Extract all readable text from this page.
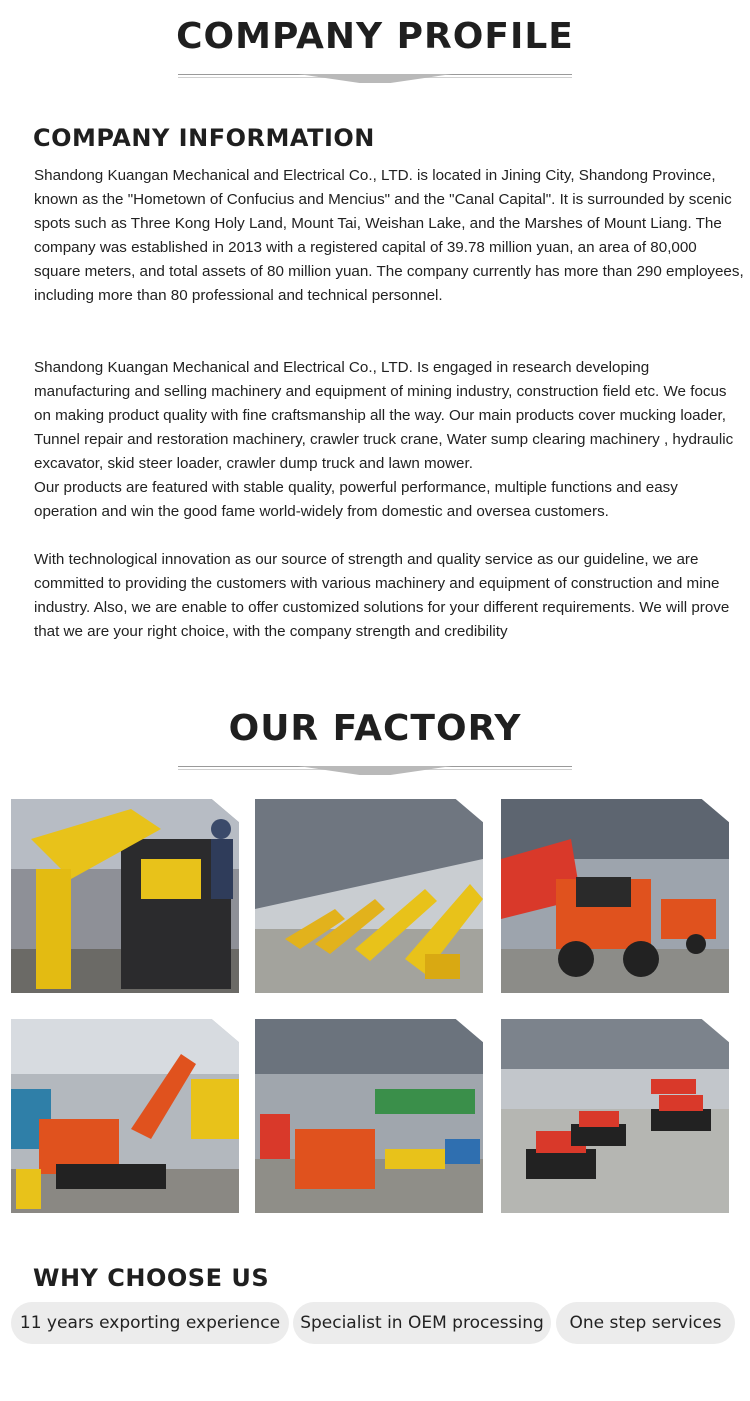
COMPANY PROFILE
COMPANY INFORMATION

Shandong Kuangan Mechanical and Electrical Co., LTD. is located in Jining City, Shandong Province, known as the "Hometown of Confucius and Mencius" and the "Canal Capital". It is surrounded by scenic spots such as Three Kong Holy Land, Mount Tai, Weishan Lake, and the Marshes of Mount Liang. The company was established in 2013 with a registered capital of 39.78 million yuan, an area of 80,000 square meters, and total assets of 80 million yuan. The company currently has more than 290 employees, including more than 80 professional and technical personnel.

Shandong Kuangan Mechanical and Electrical Co., LTD. Is engaged in research developing manufacturing and selling machinery and equipment of mining industry, construction field etc. We focus on making product quality with fine craftsmanship all the way. Our main products cover mucking loader, Tunnel repair and restoration machinery, crawler truck crane, Water sump clearing machinery , hydraulic excavator, skid steer loader, crawler dump truck and lawn mower.

Our products are featured with stable quality, powerful performance, multiple functions and easy operation and win the good fame world-widely from domestic and oversea customers.

With technological innovation as our source of strength and quality service as our guideline, we are committed to providing the customers with various machinery and equipment of construction and mine industry. Also, we are enable to offer customized solutions for your different requirements. We will prove that we are your right choice, with the company strength and credibility

OUR FACTORY
WHY CHOOSE US
11 years exporting experience	Specialist in OEM processing	One step services
